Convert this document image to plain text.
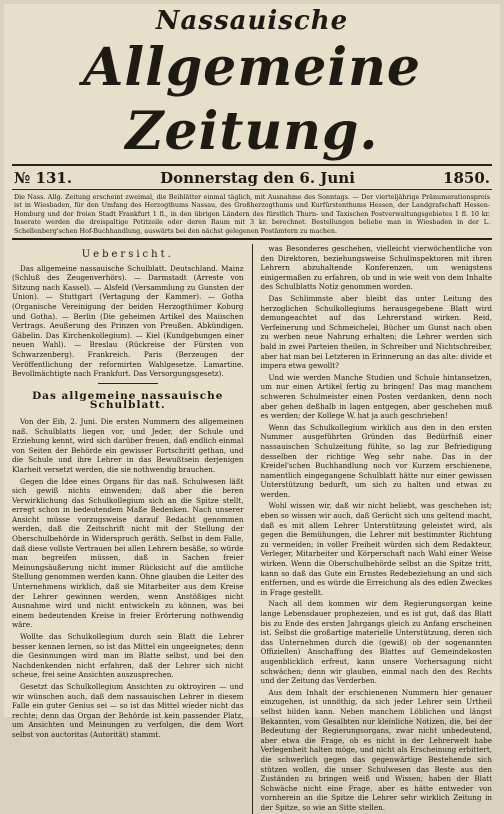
Nassauische
Allgemeine Zeitung.
№ 131.	Donnerstag den 6. Juni	1850.
Die Nass. Allg. Zeitung erscheint zweimal, die Beiblätter einmal täglich, mit Ausnahme des Sonntags. — Der vierteljährige Pränumerationspreis ist in Wiesbaden, für den Umfang des Herzogthums Nassau, des Großherzogthums und Kurfürstenthums Hessen, der Landgrafschaft Hessen-Homburg und der freien Stadt Frankfurt 1 fl., in den übrigen Ländern des fürstlich Thurn- und Taxischen Postverwaltungsgebietes 1 fl. 10 kr. Inserate werden die dreispaltige Petitzeile oder deren Raum mit 3 kr. berechnet. Bestellungen beliebe man in Wiesbaden in der L. Schellenberg'schen Hof-Buchhandlung, auswärts bei den nächst gelegenen Postämtern zu machen.
Uebersicht.

Das allgemeine nassauische Schulblatt. Deutschland. Mainz (Schluß des Zeugenverhörs). — Darmstadt (Arreste von Sitzung nach Kassel). — Alsfeld (Versammlung zu Gunsten der Union). — Stuttgart (Vertagung der Kammer). — Gotha (Organische Vereinigung der beiden Herzogthümer Koburg und Gotha). — Berlin (Die geheimen Artikel des Maiischen Vertrags. Aeußerung des Prinzen von Preußen. Abkündigen. Gäbelin. Das Kirchenkollegium). — Kiel (Kundgebungen einer neuen Wahl). — Breslau (Rückreise der Fürsten von Schwarzenberg). Frankreich. Paris (Berzeugen der Veröffentlichung der reformirten Wahlgesetze. Lamartine. Bevollmächtigte nach Frankfurt. Das Versorgungsgesetz).

Das allgemeine nassauische Schulblatt.

Von der Eib, 2. Juni. Die ersten Nummern des allgemeinen naß. Schulblatts liegen vor, und Jeder, der Schule und Erziehung kennt, wird sich darüber freuen, daß endlich einmal von Seiten der Behörde ein gewisser Fortschritt gethan, und die Schule und ihre Lehrer in das Bewußtsein derjenigen Klarheit versetzt werden, die sie nothwendig brauchen.

Gegen die Idee eines Organs für das naß. Schulwesen läßt sich gewiß nichts einwenden; daß aber die beren Verwirklichung das Schulkollegium sich an die Spitze stellt, erregt schon in bedeutendem Maße Bedenken. Nach unserer Ansicht müsse vorzugsweise darauf Bedacht genommen werden, daß die Zeitschrift nicht mit der Stellung der Oberschulbehörde in Widerspruch geräth. Selbst in dem Falle, daß diese vollste Vertrauen bei allen Lehrern besäße, so würde man begreifen müssen, daß in Sachen freier Meinungsäußerung nicht immer Rücksicht auf die amtliche Stellung genommen werden kann. Ohne glauben die Leiter des Unternehmens wirklich, daß sie Mitarbeiter aus dem Kreise der Lehrer gewinnen werden, wenn Anstößiges nicht Ausnahme wird und nicht entwickeln zu können, was bei einem bedeutenden Kreise in freier Erörterung nothwendig wäre.

Wollte das Schulkollegium durch sein Blatt die Lehrer besser kennen lernen, so ist das Mittel ein ungeeignetes; denn die Gesinnungen wird man im Blatte selbst, und bei den Nachdenkenden nicht erfahren, daß der Lehrer sich nicht scheue, frei seine Ansichten auszusprechen.

Gesetzt das Schulkollegium Ansichten zu oktroyiren — und wir wünschen auch, daß dem nassauischen Lehrer in diesem Falle ein guter Genius sei — so ist das Mittel wieder nicht das rechte; denn das Organ der Behörde ist kein passender Platz, um Ansichten und Meinungen zu verfolgen, die dem Wort selbst von auctoritas (Autorität) stammt.

was Besonderes geschehen, vielleicht vierwöchentliche von den Direktoren, beziehungsweise Schulinspektoren mit ihren Lehrern abzuhaltende Konferenzen, um wenigstens einigermaßen zu erfahren, ob und in wie weit von dem Inhalte des Schulblatts Notiz genommen worden.

Das Schlimmste aber bleibt das unter Leitung des herzoglichen Schulkollegiums herausgegebene Blatt wird demungeachtet auf das Lehrerstand wirken. Reid, Verfeinerung und Schmeichelei, Bücher um Gunst nach oben zu werben neue Nahrung erhalten; die Lehrer werden sich bald in zwei Parteien theilen, in Schreiber und Nichtschreiber, aber hat man bei Letzteren in Erinnerung an das alte: divide et impera etwa gewollt?

Und wie werden Manche Studien und Schule hintansetzen, um nur einen Artikel fertig zu bringen! Das mag manchem schweren Schulmeister einen Posten verdanken, denn noch aber gehen deßhalb in lagen entgegen, aber geschehen muß es werden; der Kollege W. hat ja auch geschrieben!

Wenn das Schulkollegium wirklich aus den in den ersten Nummer ausgeführten Gründen das Bedürfniß einer nassauischen Schulzeitung fühlte, so lag zur Befriedigung desselben der richtige Weg sehr nahe. Das in der Kreidel'schen Buchhandlung noch vor Kurzem erschienene, namentlich eingegangene Schulblatt hätte nur einer gewissen Unterstützung bedurft, um sich zu halten und etwas zu werden.

Wohl wissen wir, daß wir nicht beliebt, was geschehen ist; eben so wissen wir auch, daß Gerücht sich uns geltend macht, daß es mit allem Lehrer Unterstützung geleistet wird, als gegen die Bemühungen, die Lehrer mit bestimmter Richtung zu vermeiden; in voller Freiheit würden sich dem Redakteur, Verleger, Mitarbeiter und Körperschaft nach Wahl einer Weise wirken. Wenn die Oberschulbehörde selbst an die Spitze tritt, kann so daß das Gute ein Ernstes Redebeziehung an und sich entfernen, und es würde die Erreichung als des edlen Zweckes in Frage gestellt.

Nach all dem kommen wir dem Regierungsorgan keine lange Lebensdauer prophezeien, und es ist gut, daß das Blatt bis zu Ende des ersten Jahrgangs gleich zu Anfang erscheinen ist. Selbst die großartige materielle Unterstützung, deren sich das Unternehmen durch die (gewiß) ob der sogenannten Offiziellen) Anschaffung des Blattes auf Gemeindekosten augenblicklich erfreut, kann unsere Vorhersagung nicht schwächen; denn wir glauben, einmal nach den des Rechts und der Zeitung das Verderben.

Aus dem Inhalt der erschienenen Nummern hier genauer einzugehen, ist unnöthig, da sich jeder Lehrer sein Urtheil selbst bilden kann. Neben manchem Löblichen und längst Bekannten, vom Gesalbten nur kleinliche Notizen, die, bei der Bedeutung der Regierungsorgans, zwar nicht unbedeutend, aber etwa die Frage, ob es nicht in der Lehrerwelt habe Verlegenheit halten möge, und nicht als Erscheinung erbittert, die schwerlich gegen das gegenwärtige Bestehende sich stützen wollen, die unser Schulwesen das Beste aus den Zuständen zu bringen weiß und Wissen; haben der Blatt Schwäche nicht eine Frage, aber es hätte entweder von vornherein an die Spitze die Lehrer sehr wirklich Zeitung in der Spitze, so wie an Sitte stellen.
